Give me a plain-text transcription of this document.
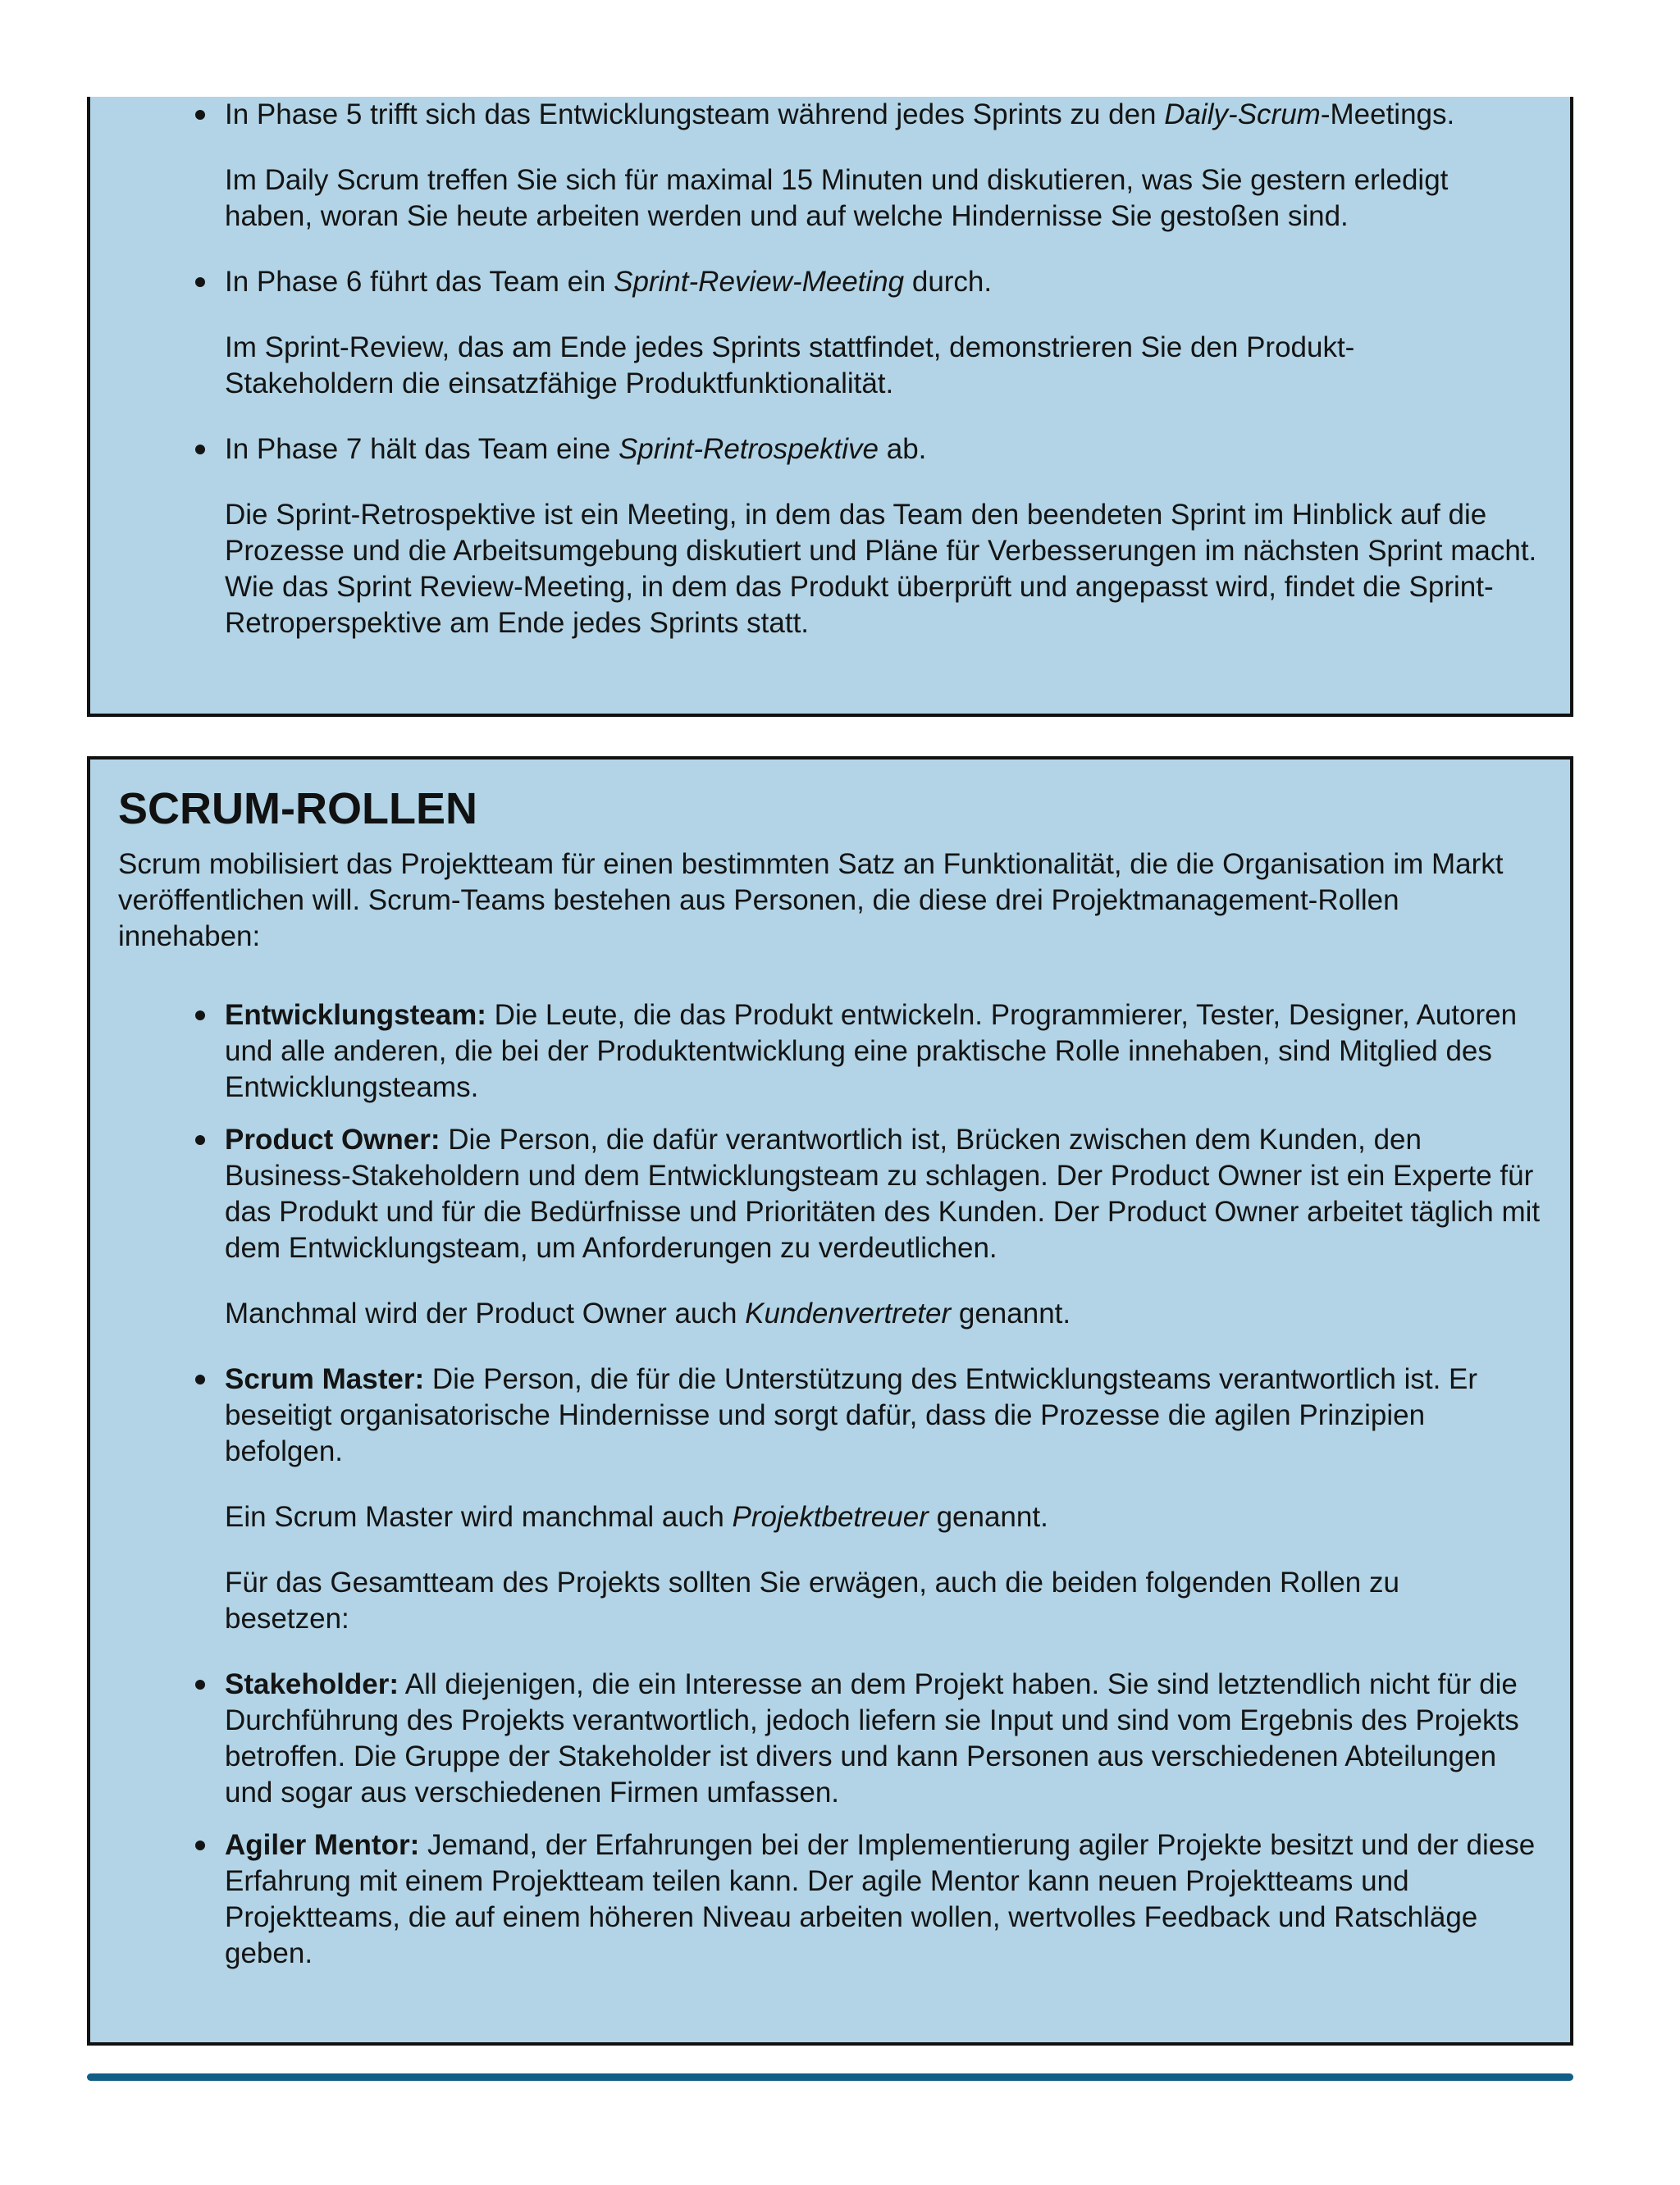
In Phase 5 trifft sich das Entwicklungsteam während jedes Sprints zu den Daily-Scrum-Meetings.

Im Daily Scrum treffen Sie sich für maximal 15 Minuten und diskutieren, was Sie gestern erledigt haben, woran Sie heute arbeiten werden und auf welche Hindernisse Sie gestoßen sind.

In Phase 6 führt das Team ein Sprint-Review-Meeting durch.

Im Sprint-Review, das am Ende jedes Sprints stattfindet, demonstrieren Sie den Produkt-Stakeholdern die einsatzfähige Produktfunktionalität.

In Phase 7 hält das Team eine Sprint-Retrospektive ab.

Die Sprint-Retrospektive ist ein Meeting, in dem das Team den beendeten Sprint im Hinblick auf die Prozesse und die Arbeitsumgebung diskutiert und Pläne für Verbesserungen im nächsten Sprint macht. Wie das Sprint Review-Meeting, in dem das Produkt überprüft und angepasst wird, findet die Sprint-Retroperspektive am Ende jedes Sprints statt.

SCRUM-ROLLEN

Scrum mobilisiert das Projektteam für einen bestimmten Satz an Funktionalität, die die Organisation im Markt veröffentlichen will. Scrum-Teams bestehen aus Personen, die diese drei Projektmanagement-Rollen innehaben:

Entwicklungsteam: Die Leute, die das Produkt entwickeln. Programmierer, Tester, Designer, Autoren und alle anderen, die bei der Produktentwicklung eine praktische Rolle innehaben, sind Mitglied des Entwicklungsteams.

Product Owner: Die Person, die dafür verantwortlich ist, Brücken zwischen dem Kunden, den Business-Stakeholdern und dem Entwicklungsteam zu schlagen. Der Product Owner ist ein Experte für das Produkt und für die Bedürfnisse und Prioritäten des Kunden. Der Product Owner arbeitet täglich mit dem Entwicklungsteam, um Anforderungen zu verdeutlichen.

Manchmal wird der Product Owner auch Kundenvertreter genannt.

Scrum Master: Die Person, die für die Unterstützung des Entwicklungsteams verantwortlich ist. Er beseitigt organisatorische Hindernisse und sorgt dafür, dass die Prozesse die agilen Prinzipien befolgen.

Ein Scrum Master wird manchmal auch Projektbetreuer genannt.

Für das Gesamtteam des Projekts sollten Sie erwägen, auch die beiden folgenden Rollen zu besetzen:

Stakeholder: All diejenigen, die ein Interesse an dem Projekt haben. Sie sind letztendlich nicht für die Durchführung des Projekts verantwortlich, jedoch liefern sie Input und sind vom Ergebnis des Projekts betroffen. Die Gruppe der Stakeholder ist divers und kann Personen aus verschiedenen Abteilungen und sogar aus verschiedenen Firmen umfassen.

Agiler Mentor: Jemand, der Erfahrungen bei der Implementierung agiler Projekte besitzt und der diese Erfahrung mit einem Projektteam teilen kann. Der agile Mentor kann neuen Projektteams und Projektteams, die auf einem höheren Niveau arbeiten wollen, wertvolles Feedback und Ratschläge geben.
